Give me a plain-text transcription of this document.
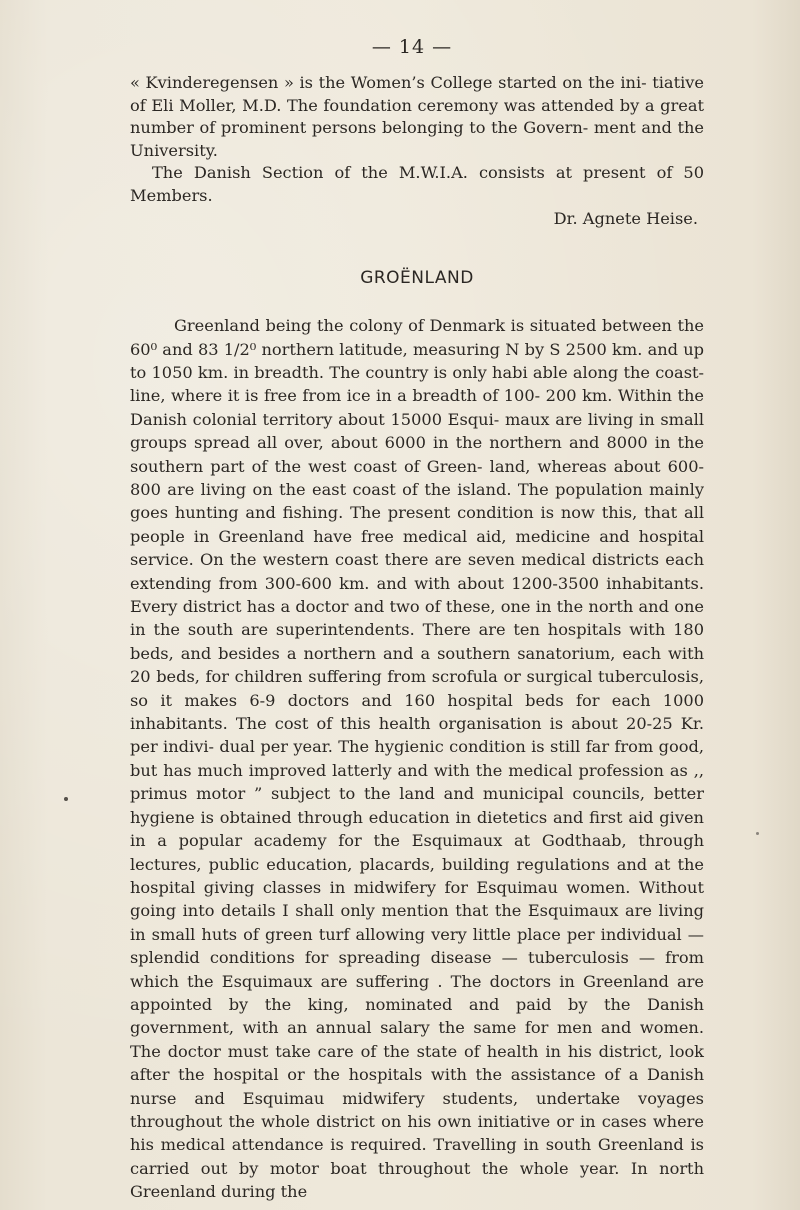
— 14 —

« Kvinderegensen » is the Women’s College started on the ini- tiative of Eli Moller, M.D. The foundation ceremony was attended by a great number of prominent persons belonging to the Govern- ment and the University.

The Danish Section of the M.W.I.A. consists at present of 50 Members.

Dr. Agnete Heise.
GROËNLAND

Greenland being the colony of Denmark is situated between the 60⁰ and 83 1/2⁰ northern latitude, measuring N by S 2500 km. and up to 1050 km. in breadth. The country is only habi able along the coast-line, where it is free from ice in a breadth of 100- 200 km. Within the Danish colonial territory about 15000 Esqui- maux are living in small groups spread all over, about 6000 in the northern and 8000 in the southern part of the west coast of Green- land, whereas about 600-800 are living on the east coast of the island. The population mainly goes hunting and fishing. The present condition is now this, that all people in Greenland have free medical aid, medicine and hospital service. On the western coast there are seven medical districts each extending from 300-600 km. and with about 1200-3500 inhabitants. Every district has a doctor and two of these, one in the north and one in the south are superintendents. There are ten hospitals with 180 beds, and besides a northern and a southern sanatorium, each with 20 beds, for children suffering from scrofula or surgical tuberculosis, so it makes 6-9 doctors and 160 hospital beds for each 1000 inhabitants. The cost of this health organisation is about 20-25 Kr. per indivi- dual per year. The hygienic condition is still far from good, but has much improved latterly and with the medical profession as ,, primus motor ” subject to the land and municipal councils, better hygiene is obtained through education in dietetics and first aid given in a popular academy for the Esquimaux at Godthaab, through lectures, public education, placards, building regulations and at the hospital giving classes in midwifery for Esquimau women. Without going into details I shall only mention that the Esquimaux are living in small huts of green turf allowing very little place per individual — splendid conditions for spreading disease — tuberculosis — from which the Esquimaux are suffering . The doctors in Greenland are appointed by the king, nominated and paid by the Danish government, with an annual salary the same for men and women. The doctor must take care of the state of health in his district, look after the hospital or the hospitals with the assistance of a Danish nurse and Esquimau midwifery students, undertake voyages throughout the whole district on his own initiative or in cases where his medical attendance is required. Travelling in south Greenland is carried out by motor boat throughout the whole year. In north Greenland during the
